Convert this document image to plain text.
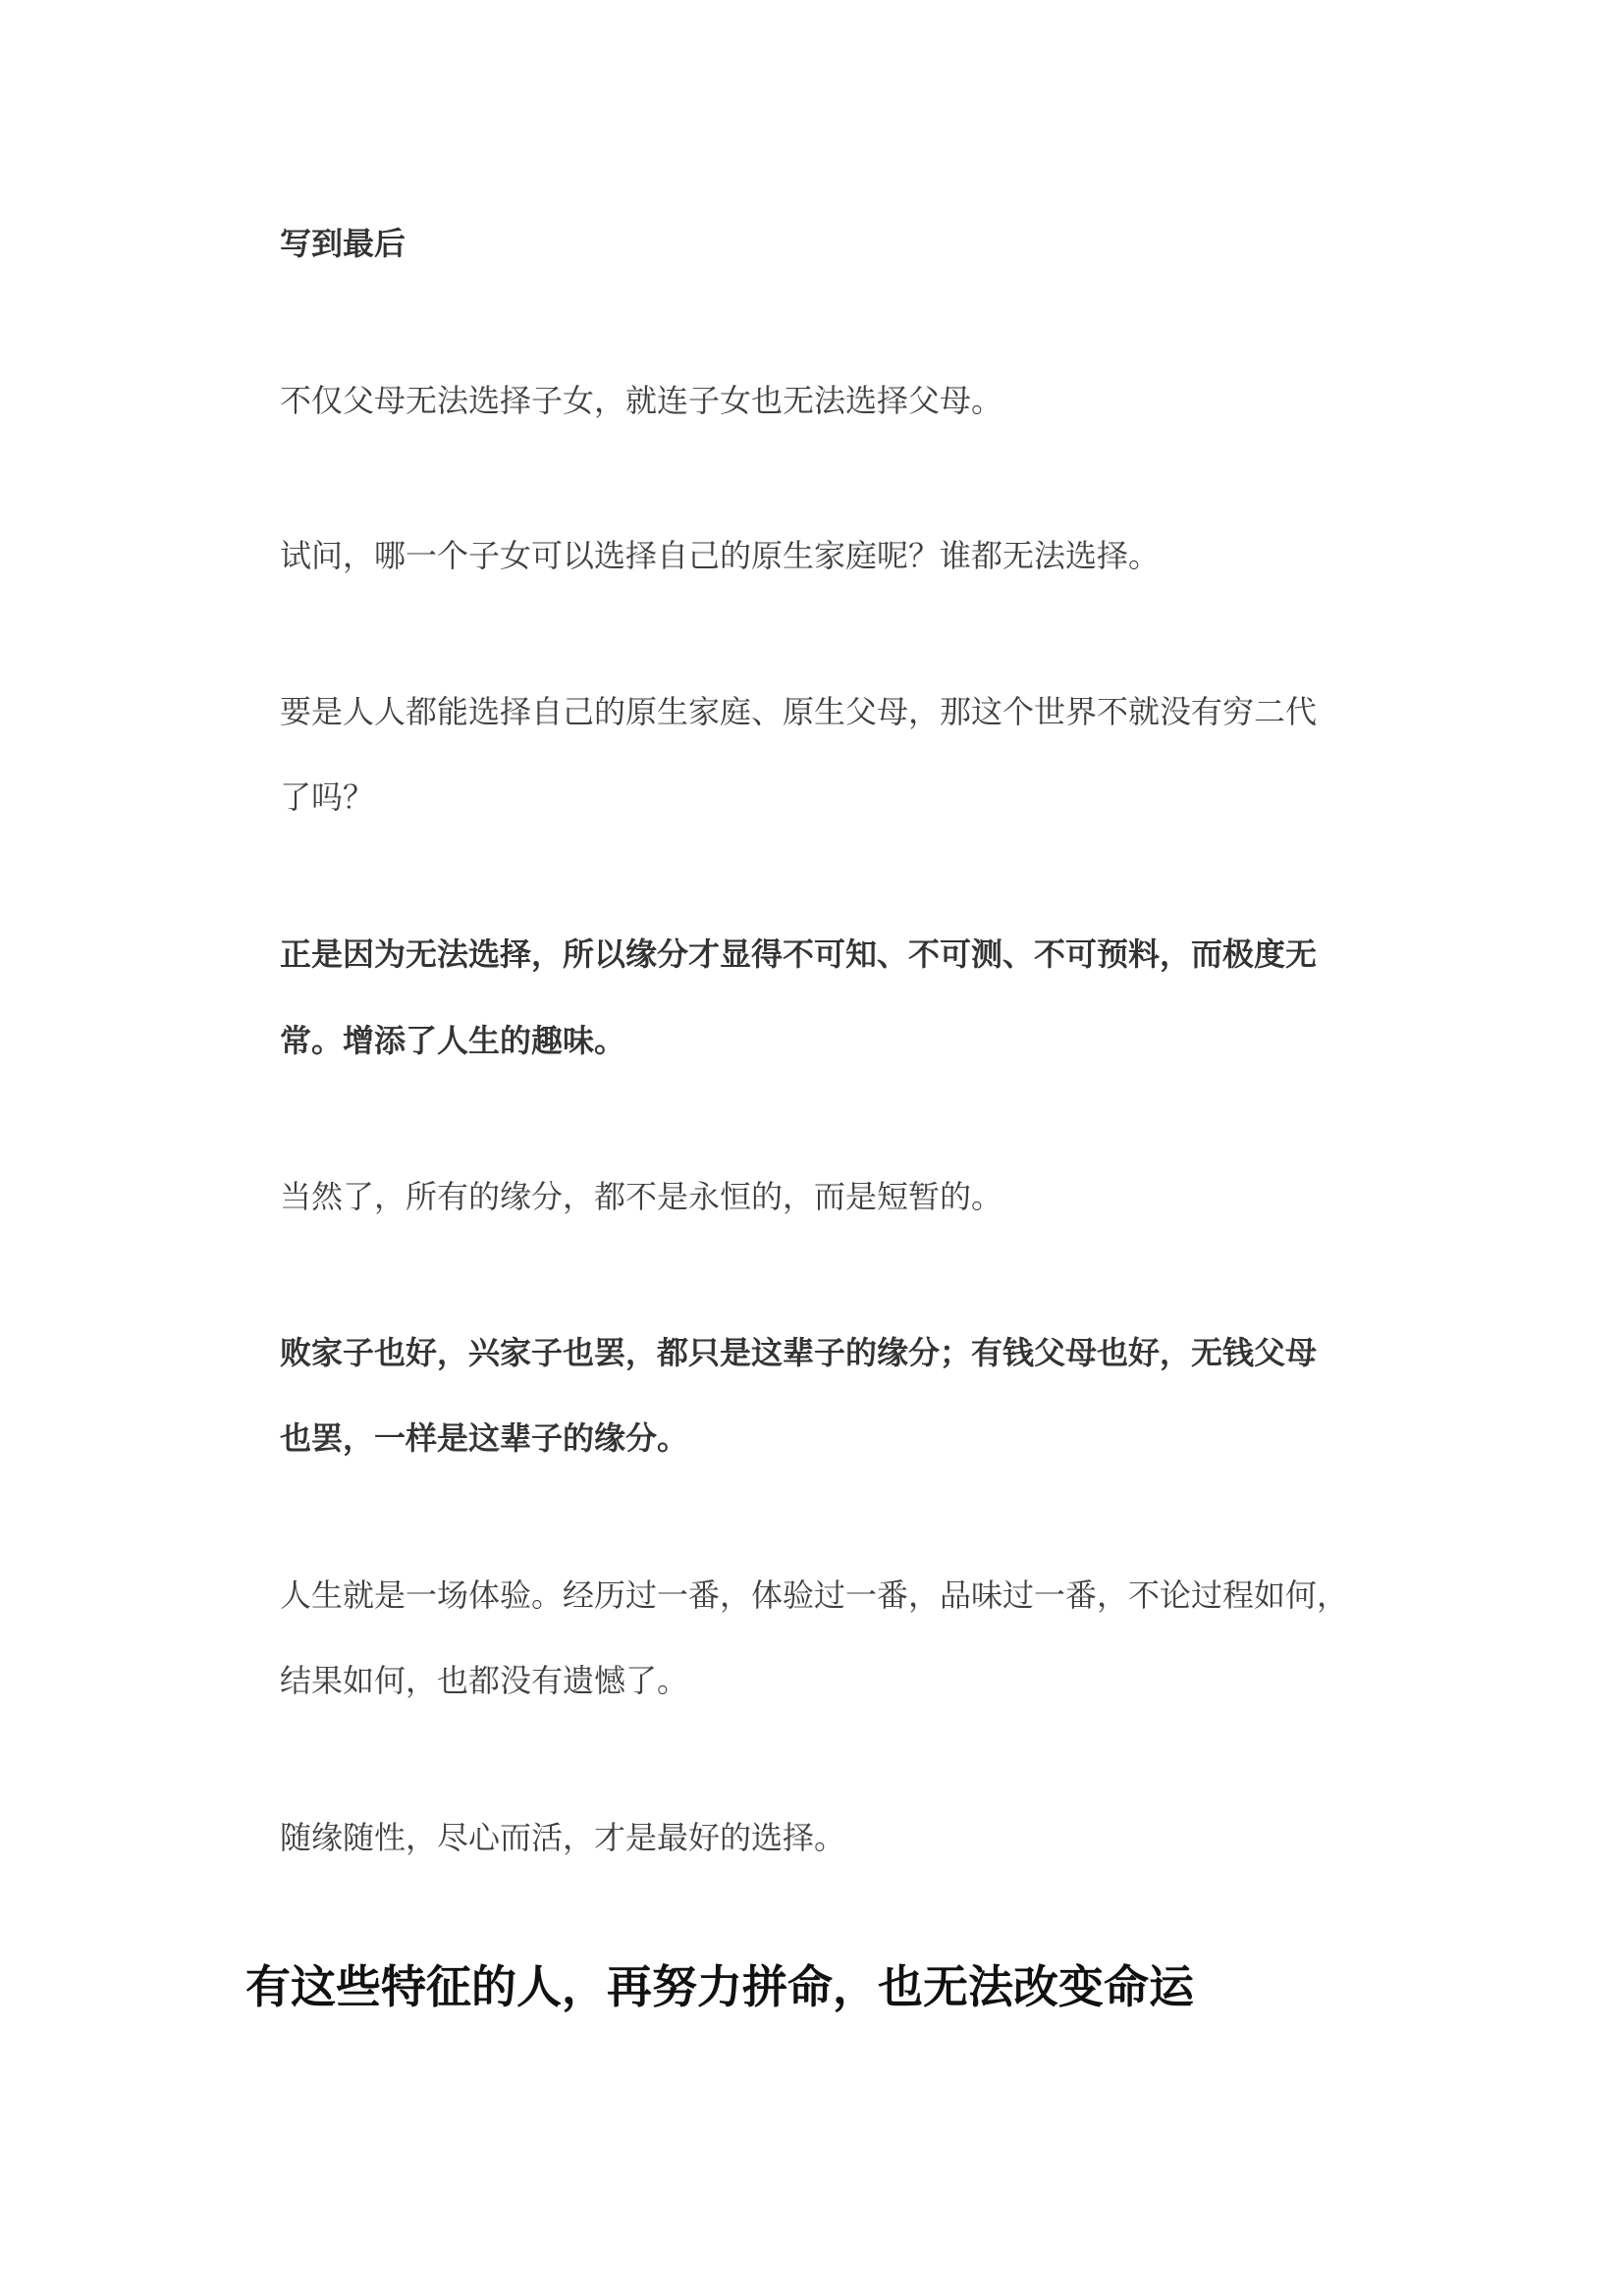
写到最后

不仅父母无法选择子女，就连子女也无法选择父母。

试问，哪一个子女可以选择自己的原生家庭呢？谁都无法选择。

要是人人都能选择自己的原生家庭、原生父母，那这个世界不就没有穷二代

了吗？

正是因为无法选择，所以缘分才显得不可知、不可测、不可预料，而极度无

常。增添了人生的趣味。

当然了，所有的缘分，都不是永恒的，而是短暂的。

败家子也好，兴家子也罢，都只是这辈子的缘分；有钱父母也好，无钱父母

也罢，一样是这辈子的缘分。

人生就是一场体验。经历过一番，体验过一番，品味过一番，不论过程如何，

结果如何，也都没有遗憾了。

随缘随性，尽心而活，才是最好的选择。

有这些特征的人，再努力拼命，也无法改变命运
